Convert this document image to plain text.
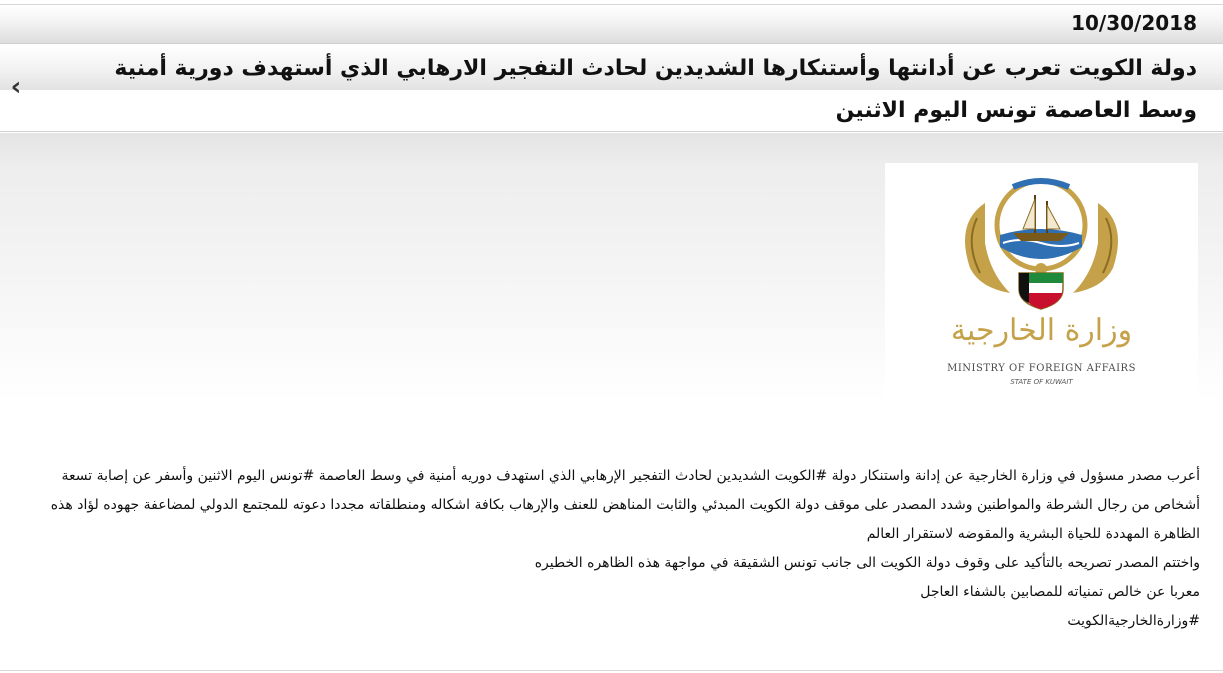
10/30/2018
دولة الكويت تعرب عن أدانتها وأستنكارها الشديدين لحادث التفجير الارهابي الذي أستهدف دورية أمنية وسط العاصمة تونس اليوم الاثنين
‹
وزارة الخارجية
MINISTRY OF FOREIGN AFFAIRS
STATE OF KUWAIT

أعرب مصدر مسؤول في وزارة الخارجية عن إدانة واستنكار دولة #الكويت الشديدين لحادث التفجير الإرهابي الذي استهدف دوريه أمنية في وسط العاصمة #تونس اليوم الاثنين وأسفر عن إصابة تسعة أشخاص من رجال الشرطة والمواطنين وشدد المصدر على موقف دولة الكويت المبدئي والثابت المناهض للعنف والإرهاب بكافة اشكاله ومنطلقاته مجددا دعوته للمجتمع الدولي لمضاعفة جهوده لؤاد هذه الظاهرة المهددة للحياة البشرية والمقوضه لاستقرار العالم

واختتم المصدر تصريحه بالتأكيد على وقوف دولة الكويت الى جانب تونس الشقيقة في مواجهة هذه الظاهره الخطيره

معربا عن خالص تمنياته للمصابين بالشفاء العاجل

#وزارةالخارجيةالكويت
